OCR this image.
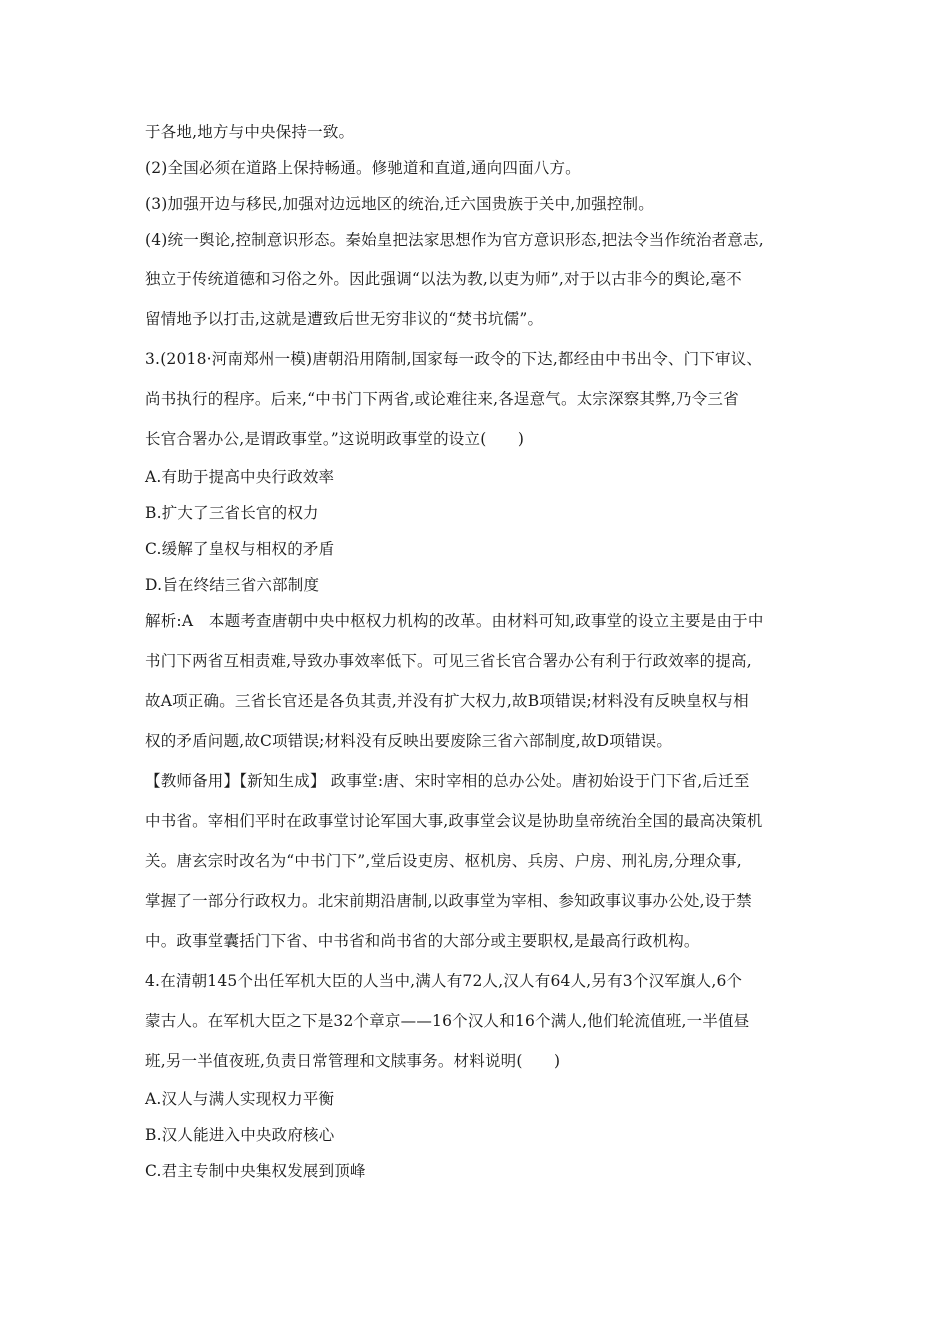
于各地,地方与中央保持一致。
(2)全国必须在道路上保持畅通。修驰道和直道,通向四面八方。
(3)加强开边与移民,加强对边远地区的统治,迁六国贵族于关中,加强控制。
(4)统一舆论,控制意识形态。秦始皇把法家思想作为官方意识形态,把法令当作统治者意志,
独立于传统道德和习俗之外。因此强调“以法为教,以吏为师”,对于以古非今的舆论,毫不
留情地予以打击,这就是遭致后世无穷非议的“焚书坑儒”。
3.(2018·河南郑州一模)唐朝沿用隋制,国家每一政令的下达,都经由中书出令、门下审议、
尚书执行的程序。后来,“中书门下两省,或论难往来,各逞意气。太宗深察其弊,乃令三省
长官合署办公,是谓政事堂。”这说明政事堂的设立(　　)
A.有助于提高中央行政效率
B.扩大了三省长官的权力
C.缓解了皇权与相权的矛盾
D.旨在终结三省六部制度
解析:A　本题考查唐朝中央中枢权力机构的改革。由材料可知,政事堂的设立主要是由于中
书门下两省互相责难,导致办事效率低下。可见三省长官合署办公有利于行政效率的提高,
故A项正确。三省长官还是各负其责,并没有扩大权力,故B项错误;材料没有反映皇权与相
权的矛盾问题,故C项错误;材料没有反映出要废除三省六部制度,故D项错误。
【教师备用】【新知生成】 政事堂:唐、宋时宰相的总办公处。唐初始设于门下省,后迁至
中书省。宰相们平时在政事堂讨论军国大事,政事堂会议是协助皇帝统治全国的最高决策机
关。唐玄宗时改名为“中书门下”,堂后设吏房、枢机房、兵房、户房、刑礼房,分理众事,
掌握了一部分行政权力。北宋前期沿唐制,以政事堂为宰相、参知政事议事办公处,设于禁
中。政事堂囊括门下省、中书省和尚书省的大部分或主要职权,是最高行政机构。
4.在清朝145个出任军机大臣的人当中,满人有72人,汉人有64人,另有3个汉军旗人,6个
蒙古人。在军机大臣之下是32个章京——16个汉人和16个满人,他们轮流值班,一半值昼
班,另一半值夜班,负责日常管理和文牍事务。材料说明(　　)
A.汉人与满人实现权力平衡
B.汉人能进入中央政府核心
C.君主专制中央集权发展到顶峰
